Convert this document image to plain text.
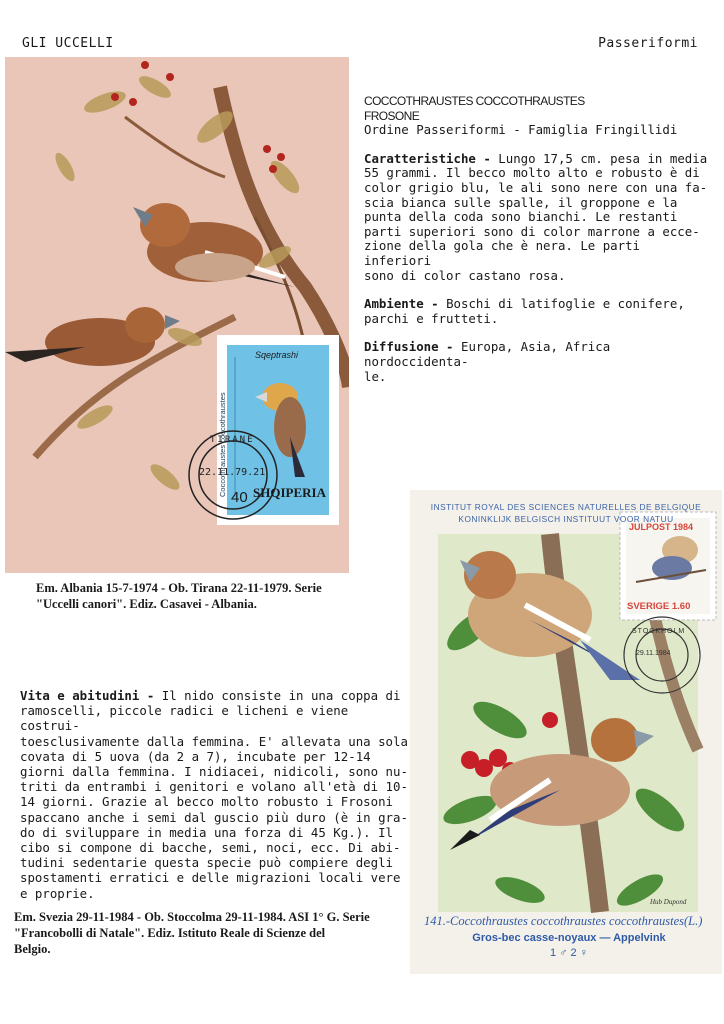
GLI UCCELLI	Passeriformi
Sqeptrashi
Coccothraustes coccothraustes SHQIPERIA
40
22.11.79.21
TIRANE

COCCOTHRAUSTES COCCOTHRAUSTES

FROSONE

Ordine Passeriformi - Famiglia Fringillidi

Caratteristiche - Lungo 17,5 cm. pesa in media

55 grammi. Il becco molto alto e robusto è di

color grigio blu, le ali sono nere con una fa-

scia bianca sulle spalle, il groppone e la

punta della coda sono bianchi. Le restanti

parti superiori sono di color marrone a ecce-

zione della gola che è nera. Le parti inferiori

sono di color castano rosa.

Ambiente - Boschi di latifoglie e conifere,

parchi e frutteti.

Diffusione - Europa, Asia, Africa nordoccidenta-

le.

Em. Albania 15-7-1974 - Ob. Tirana 22-11-1979. Serie

"Uccelli canori". Ediz. Casavei - Albania.

Vita e abitudini - Il nido consiste in una coppa di

ramoscelli, piccole radici e licheni e viene costrui-

toesclusivamente dalla femmina. E' allevata una sola

covata di 5 uova (da 2 a 7), incubate per 12-14

giorni dalla femmina. I nidiacei, nidicoli, sono nu-

triti da entrambi i genitori e volano all'età di 10-

14 giorni. Grazie al becco molto robusto i Frosoni

spaccano anche i semi dal guscio più duro (è in gra-

do di sviluppare in media una forza di 45 Kg.). Il

cibo si compone di bacche, semi, noci, ecc. Di abi-

tudini sedentarie questa specie può compiere degli

spostamenti erratici e delle migrazioni locali vere

e proprie.

Em. Svezia 29-11-1984 - Ob. Stoccolma 29-11-1984. ASI 1° G. Serie

"Francobolli di Natale". Ediz. Istituto Reale di Scienze del

Belgio.

INSTITUT ROYAL DES SCIENCES NATURELLES DE BELGIQUE
KONINKLIJK BELGISCH INSTITUUT VOOR NATUU
JULPOST 1984
SVERIGE 1.60
STOCKHOLM
29.11.1984
Hub Dupond
141.-Coccothraustes coccothraustes coccothraustes(L.)
Gros-bec casse-noyaux — Appelvink
1 ♂ 2 ♀
